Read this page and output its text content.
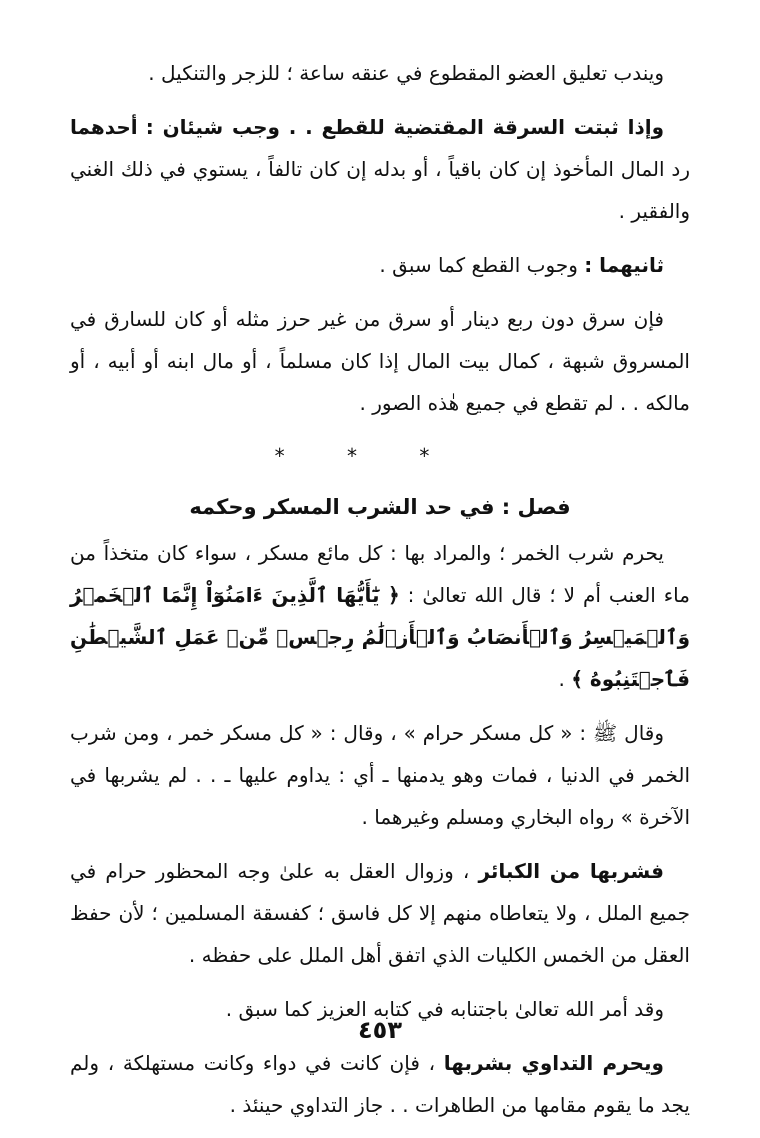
ويندب تعليق العضو المقطوع في عنقه ساعة ؛ للزجر والتنكيل .

وإذا ثبتت السرقة المقتضية للقطع . . وجب شيئان : أحدهما رد المال المأخوذ إن كان باقياً ، أو بدله إن كان تالفاً ، يستوي في ذلك الغني والفقير .

ثانيهما : وجوب القطع كما سبق .

فإن سرق دون ربع دينار أو سرق من غير حرز مثله أو كان للسارق في المسروق شبهة ، كمال بيت المال إذا كان مسلماً ، أو مال ابنه أو أبيه ، أو مالكه . . لم تقطع في جميع هٰذه الصور .

* * *
فصل : في حد الشرب المسكر وحكمه

يحرم شرب الخمر ؛ والمراد بها : كل مائع مسكر ، سواء كان متخذاً من ماء العنب أم لا ؛ قال الله تعالىٰ : ﴿ يَٰٓأَيُّهَا ٱلَّذِينَ ءَامَنُوٓاْ إِنَّمَا ٱلۡخَمۡرُ وَٱلۡمَيۡسِرُ وَٱلۡأَنصَابُ وَٱلۡأَزۡلَٰمُ رِجۡسٞ مِّنۡ عَمَلِ ٱلشَّيۡطَٰنِ فَٱجۡتَنِبُوهُ ﴾ .

وقال ﷺ : « كل مسكر حرام » ، وقال : « كل مسكر خمر ، ومن شرب الخمر في الدنيا ، فمات وهو يدمنها ـ أي : يداوم عليها ـ . . لم يشربها في الآخرة » رواه البخاري ومسلم وغيرهما .

فشربها من الكبائر ، وزوال العقل به علىٰ وجه المحظور حرام في جميع الملل ، ولا يتعاطاه منهم إلا كل فاسق ؛ كفسقة المسلمين ؛ لأن حفظ العقل من الخمس الكليات الذي اتفق أهل الملل على حفظه .

وقد أمر الله تعالىٰ باجتنابه في كتابه العزيز كما سبق .

ويحرم التداوي بشربها ، فإن كانت في دواء وكانت مستهلكة ، ولم يجد ما يقوم مقامها من الطاهرات . . جاز التداوي حينئذ .

٤٥٣
